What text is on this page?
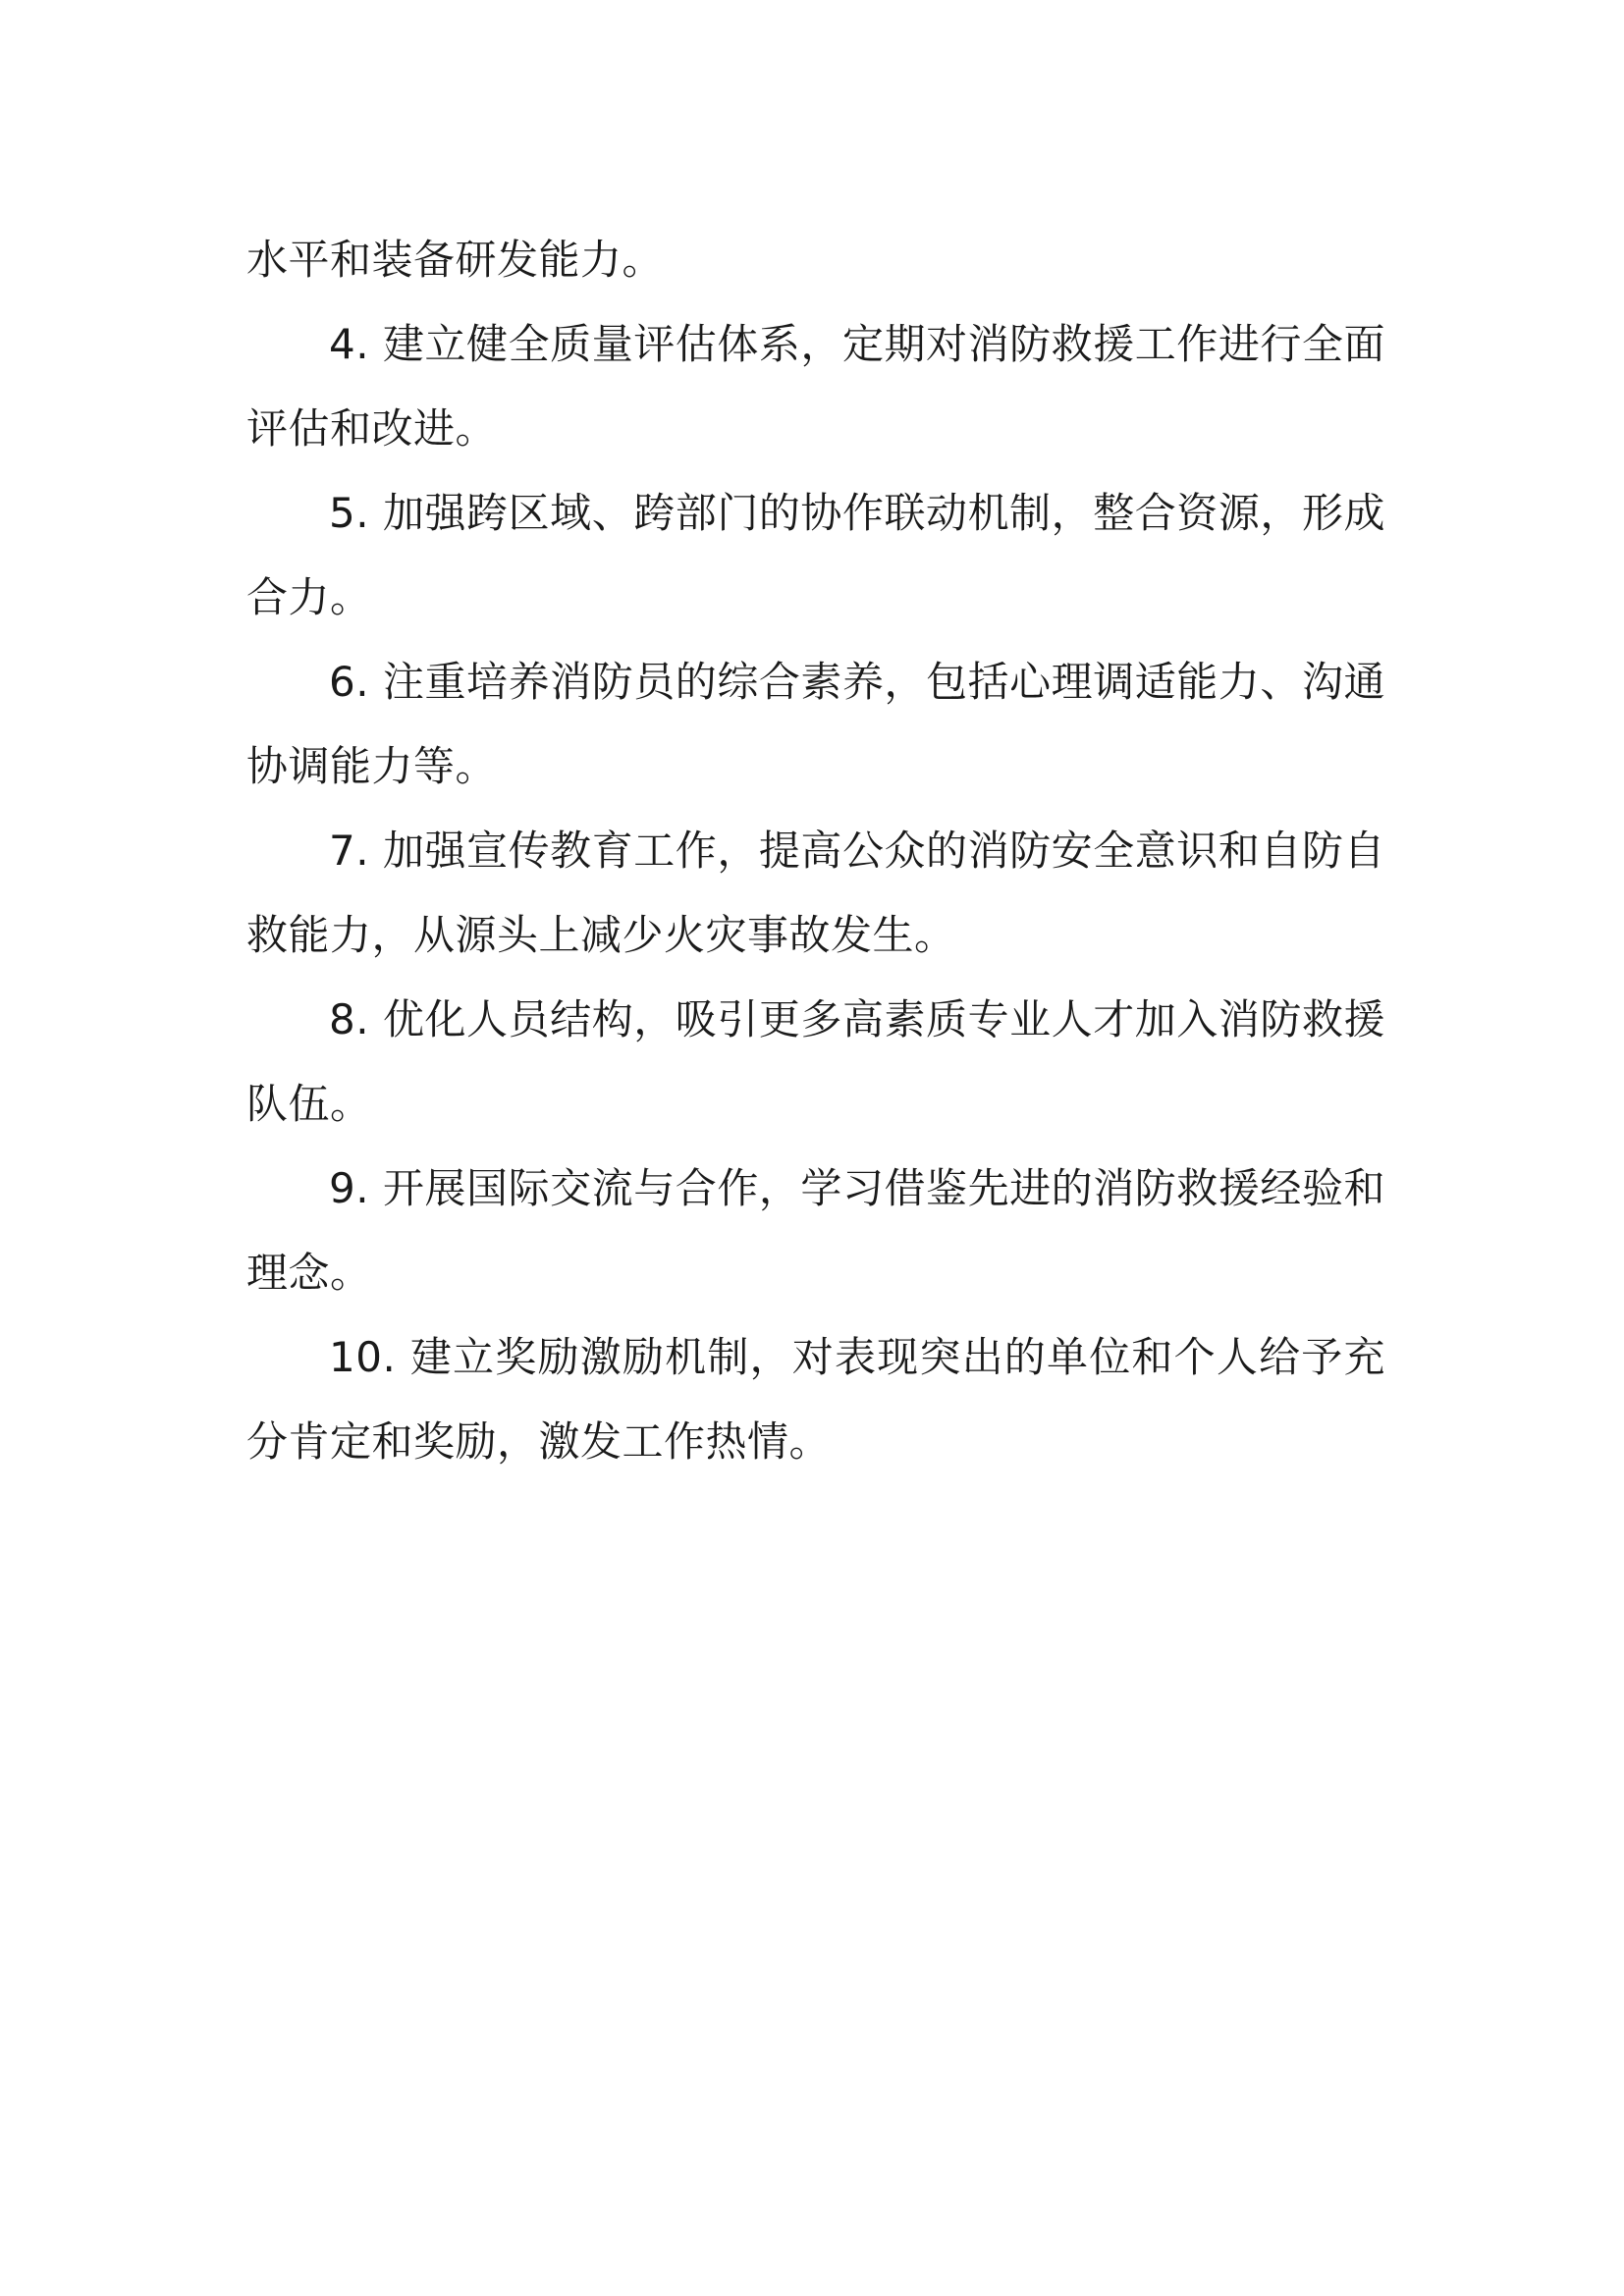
水平和装备研发能力。

4. 建立健全质量评估体系，定期对消防救援工作进行全面评估和改进。

5. 加强跨区域、跨部门的协作联动机制，整合资源，形成合力。

6. 注重培养消防员的综合素养，包括心理调适能力、沟通协调能力等。

7. 加强宣传教育工作，提高公众的消防安全意识和自防自救能力，从源头上减少火灾事故发生。

8. 优化人员结构，吸引更多高素质专业人才加入消防救援队伍。

9. 开展国际交流与合作，学习借鉴先进的消防救援经验和理念。

10. 建立奖励激励机制，对表现突出的单位和个人给予充分肯定和奖励，激发工作热情。
